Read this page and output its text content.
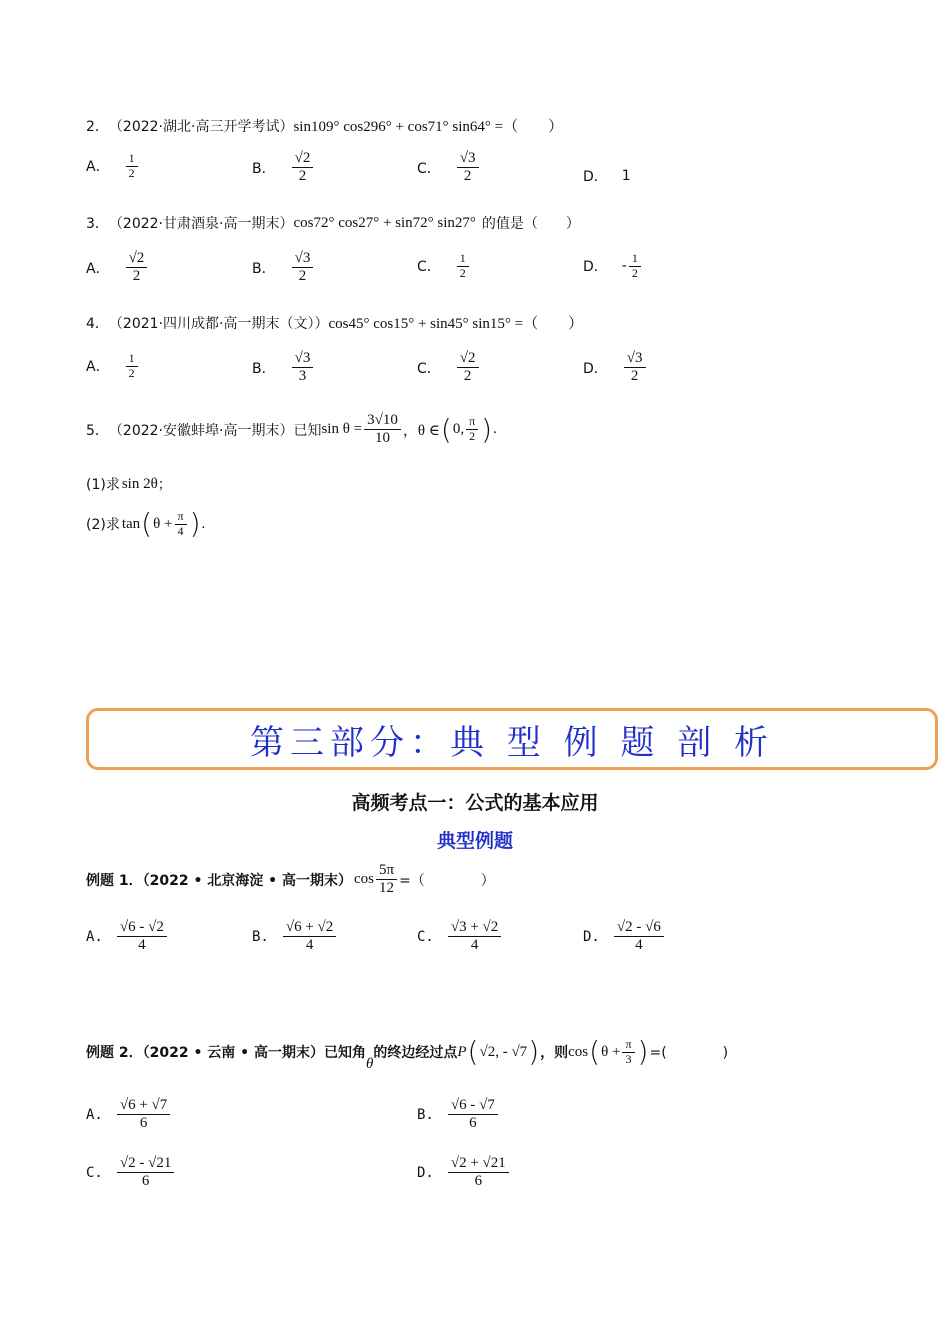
2． （2022·湖北·高三开学考试） sin109° cos296° + cos71° sin64° =（　　）
A． $\frac{1}{2}$	B． $\frac{√2}{2}$	C． $\frac{√3}{2}$	D． 1
3． （2022·甘肃酒泉·高一期末） cos72° cos27° + sin72° sin27° 的值是（　　）
A． $\frac{√2}{2}$	B． $\frac{√3}{2}$	C． $\frac{1}{2}$	D． - $\frac{1}{2}$
4． （2021·四川成都·高一期末（文）） cos45° cos15° + sin45° sin15° =（　　）
A． $\frac{1}{2}$	B． $\frac{√3}{3}$	C． $\frac{√2}{2}$	D． $\frac{√3}{2}$
5． （2022·安徽蚌埠·高一期末）已知 $\sin \theta = \frac{3√10}{10}$ ，θ ∈ ( 0, $\frac{\pi}{2}$ ) .
(1)求 sin 2θ ；
(2)求 tan ( $\theta + \frac{\pi}{4}$ ) .
第三部分：典 型 例 题 剖 析
高频考点一：公式的基本应用
典型例题
例题 1．（2022 • 北京海淀 • 高一期末） $\cos \frac{5\pi}{12}$ =（　　　　）
A. $\frac{√6 - √2}{4}$	B. $\frac{√6 + √2}{4}$	C. $\frac{√3 + √2}{4}$	D. $\frac{√2 - √6}{4}$
例题 2．（2022 • 云南 • 高一期末）已知角
θ
的终边经过点 P ( √2, - √7 ) ，则 cos ( $\theta + \frac{\pi}{3}$ ) =(　　　　)
A. $\frac{√6 + √7}{6}$	B. $\frac{√6 - √7}{6}$
C. $\frac{√2 - √21}{6}$	D. $\frac{√2 + √21}{6}$
